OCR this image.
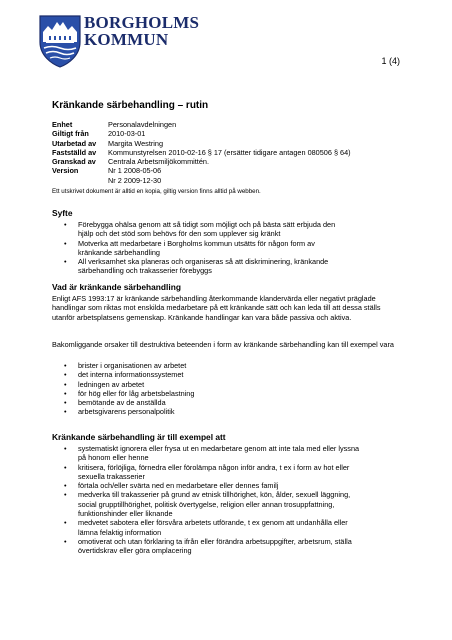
BORGHOLMS
KOMMUN
1 (4)
Kränkande särbehandling – rutin
Enhet	Personalavdelningen
Giltigt från	2010-03-01
Utarbetad av	Margita Westring
Fastställd av	Kommunstyrelsen 2010-02-16 § 17 (ersätter tidigare antagen 080506 § 64)
Granskad av	Centrala Arbetsmiljökommittén.
Version	Nr 1 2008-05-06
Nr 2 2009-12-30
Ett utskrivet dokument är alltid en kopia, giltig version finns alltid på webben.
Syfte
• Förebygga ohälsa genom att så tidigt som möjligt och på bästa sätt erbjuda den hjälp och det stöd som behövs för den som upplever sig kränkt
• Motverka att medarbetare i Borgholms kommun utsätts för någon form av kränkande särbehandling
• All verksamhet ska planeras och organiseras så att diskriminering, kränkande särbehandling och trakasserier förebyggs
Vad är kränkande särbehandling
Enligt AFS 1993:17 är kränkande särbehandling återkommande klandervärda eller negativt präglade handlingar som riktas mot enskilda medarbetare på ett kränkande sätt och kan leda till att dessa ställs utanför arbetsplatsens gemenskap. Kränkande handlingar kan vara både passiva och aktiva.
Bakomliggande orsaker till destruktiva beteenden i form av kränkande särbehandling kan till exempel vara
• brister i organisationen av arbetet
• det interna informationssystemet
• ledningen av arbetet
• för hög eller för låg arbetsbelastning
• bemötande av de anställda
• arbetsgivarens personalpolitik
Kränkande särbehandling är till exempel att
• systematiskt ignorera eller frysa ut en medarbetare genom att inte tala med eller lyssna på honom eller henne
• kritisera, förlöjliga, förnedra eller förolämpa någon inför andra, t ex i form av hot eller sexuella trakasserier
• förtala och/eller svärta ned en medarbetare eller dennes familj
• medverka till trakasserier på grund av etnisk tillhörighet, kön, ålder, sexuell läggning, social grupptillhörighet, politisk övertygelse, religion eller annan trosuppfattning, funktionshinder eller liknande
• medvetet sabotera eller försvåra arbetets utförande, t ex genom att undanhålla eller lämna felaktig information
• omotiverat och utan förklaring ta ifrån eller förändra arbetsuppgifter, arbetsrum, ställa övertidskrav eller göra omplacering
